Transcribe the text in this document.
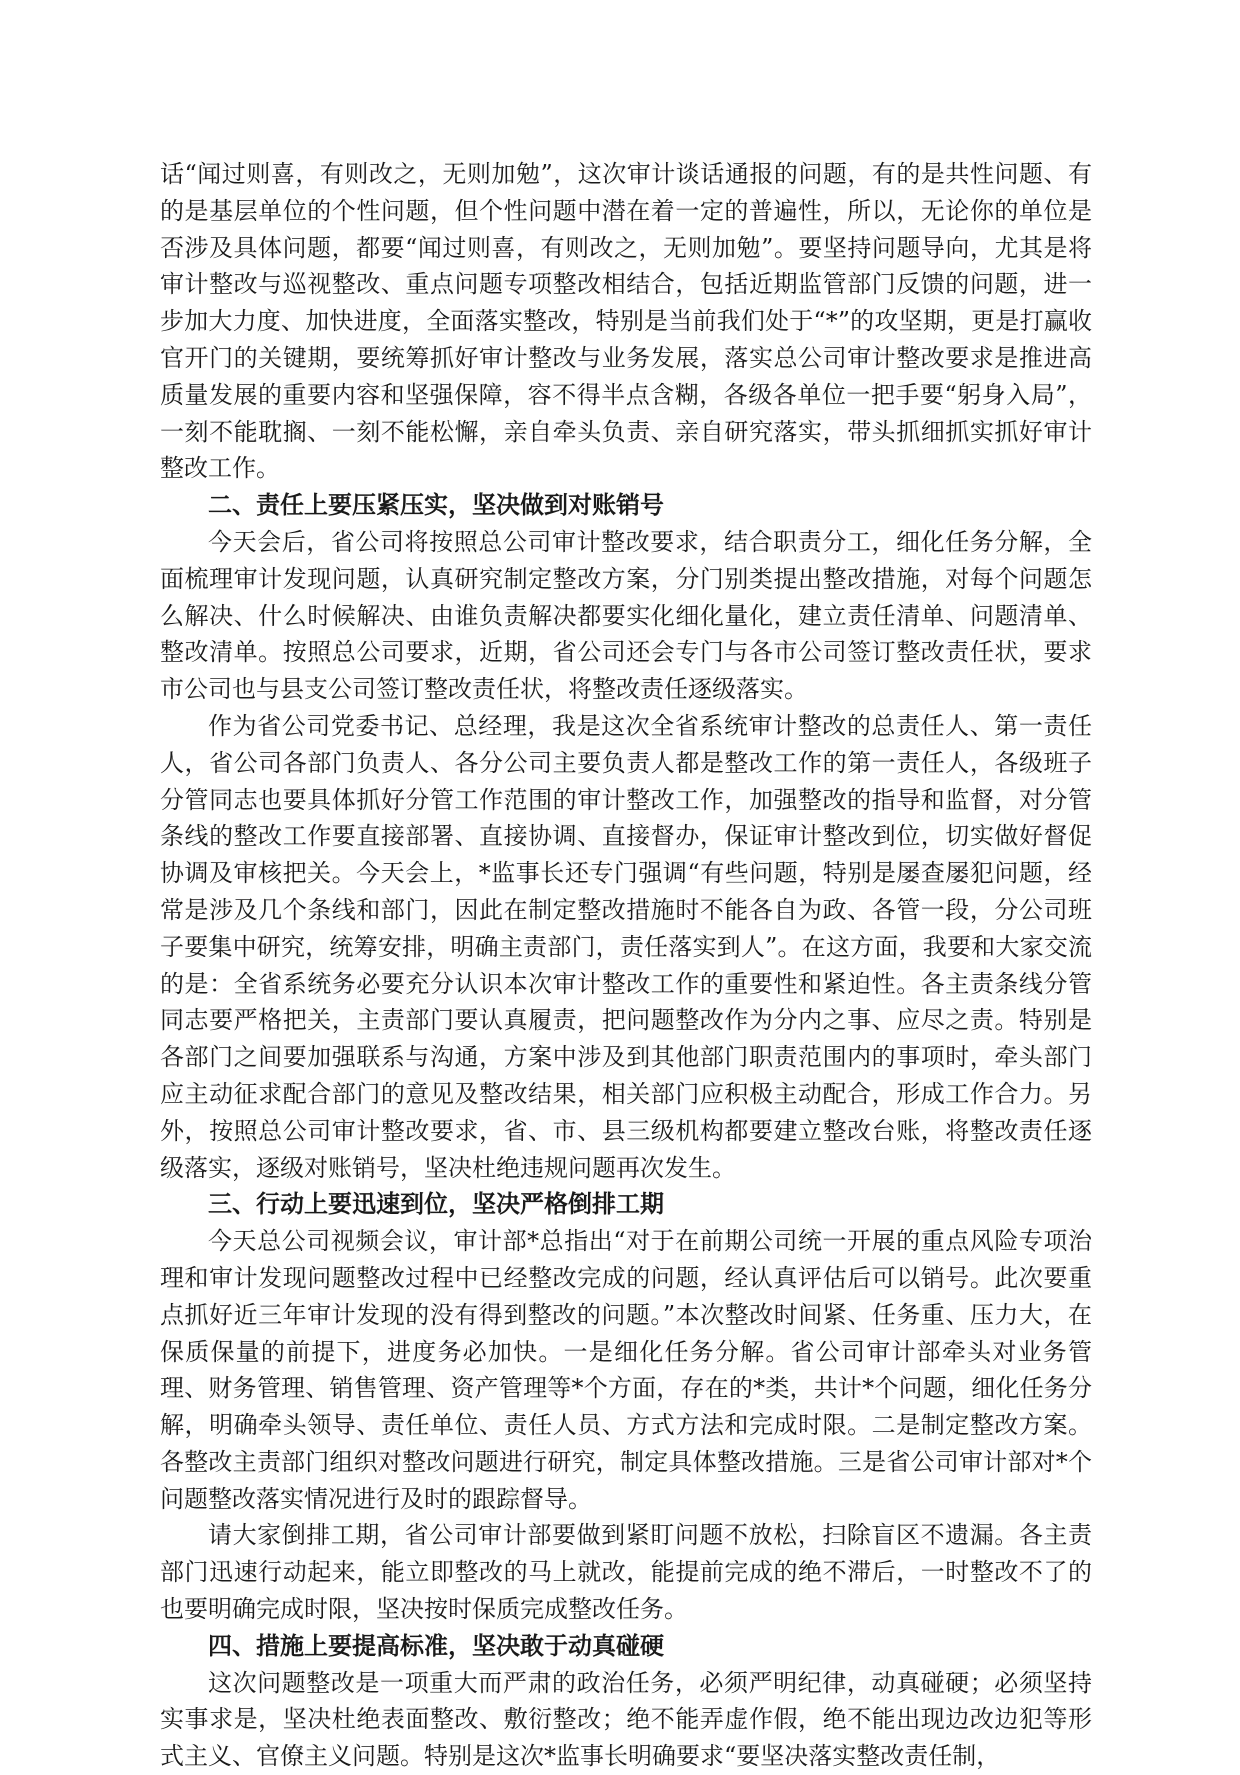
话“闻过则喜，有则改之，无则加勉”，这次审计谈话通报的问题，有的是共性问题、有的是基层单位的个性问题，但个性问题中潜在着一定的普遍性，所以，无论你的单位是否涉及具体问题，都要“闻过则喜，有则改之，无则加勉”。要坚持问题导向，尤其是将审计整改与巡视整改、重点问题专项整改相结合，包括近期监管部门反馈的问题，进一步加大力度、加快进度，全面落实整改，特别是当前我们处于“*”的攻坚期，更是打赢收官开门的关键期，要统筹抓好审计整改与业务发展，落实总公司审计整改要求是推进高质量发展的重要内容和坚强保障，容不得半点含糊，各级各单位一把手要“躬身入局”，一刻不能耽搁、一刻不能松懈，亲自牵头负责、亲自研究落实，带头抓细抓实抓好审计整改工作。

二、责任上要压紧压实，坚决做到对账销号

今天会后，省公司将按照总公司审计整改要求，结合职责分工，细化任务分解，全面梳理审计发现问题，认真研究制定整改方案，分门别类提出整改措施，对每个问题怎么解决、什么时候解决、由谁负责解决都要实化细化量化，建立责任清单、问题清单、整改清单。按照总公司要求，近期，省公司还会专门与各市公司签订整改责任状，要求市公司也与县支公司签订整改责任状，将整改责任逐级落实。

作为省公司党委书记、总经理，我是这次全省系统审计整改的总责任人、第一责任人，省公司各部门负责人、各分公司主要负责人都是整改工作的第一责任人，各级班子分管同志也要具体抓好分管工作范围的审计整改工作，加强整改的指导和监督，对分管条线的整改工作要直接部署、直接协调、直接督办，保证审计整改到位，切实做好督促协调及审核把关。今天会上，*监事长还专门强调“有些问题，特别是屡查屡犯问题，经常是涉及几个条线和部门，因此在制定整改措施时不能各自为政、各管一段，分公司班子要集中研究，统筹安排，明确主责部门，责任落实到人”。在这方面，我要和大家交流的是：全省系统务必要充分认识本次审计整改工作的重要性和紧迫性。各主责条线分管同志要严格把关，主责部门要认真履责，把问题整改作为分内之事、应尽之责。特别是各部门之间要加强联系与沟通，方案中涉及到其他部门职责范围内的事项时，牵头部门应主动征求配合部门的意见及整改结果，相关部门应积极主动配合，形成工作合力。另外，按照总公司审计整改要求，省、市、县三级机构都要建立整改台账，将整改责任逐级落实，逐级对账销号，坚决杜绝违规问题再次发生。

三、行动上要迅速到位，坚决严格倒排工期

今天总公司视频会议，审计部*总指出“对于在前期公司统一开展的重点风险专项治理和审计发现问题整改过程中已经整改完成的问题，经认真评估后可以销号。此次要重点抓好近三年审计发现的没有得到整改的问题。”本次整改时间紧、任务重、压力大，在保质保量的前提下，进度务必加快。一是细化任务分解。省公司审计部牵头对业务管理、财务管理、销售管理、资产管理等*个方面，存在的*类，共计*个问题，细化任务分解，明确牵头领导、责任单位、责任人员、方式方法和完成时限。二是制定整改方案。各整改主责部门组织对整改问题进行研究，制定具体整改措施。三是省公司审计部对*个问题整改落实情况进行及时的跟踪督导。

请大家倒排工期，省公司审计部要做到紧盯问题不放松，扫除盲区不遗漏。各主责部门迅速行动起来，能立即整改的马上就改，能提前完成的绝不滞后，一时整改不了的也要明确完成时限，坚决按时保质完成整改任务。

四、措施上要提高标准，坚决敢于动真碰硬

这次问题整改是一项重大而严肃的政治任务，必须严明纪律，动真碰硬；必须坚持实事求是，坚决杜绝表面整改、敷衍整改；绝不能弄虚作假，绝不能出现边改边犯等形式主义、官僚主义问题。特别是这次*监事长明确要求“要坚决落实整改责任制，
